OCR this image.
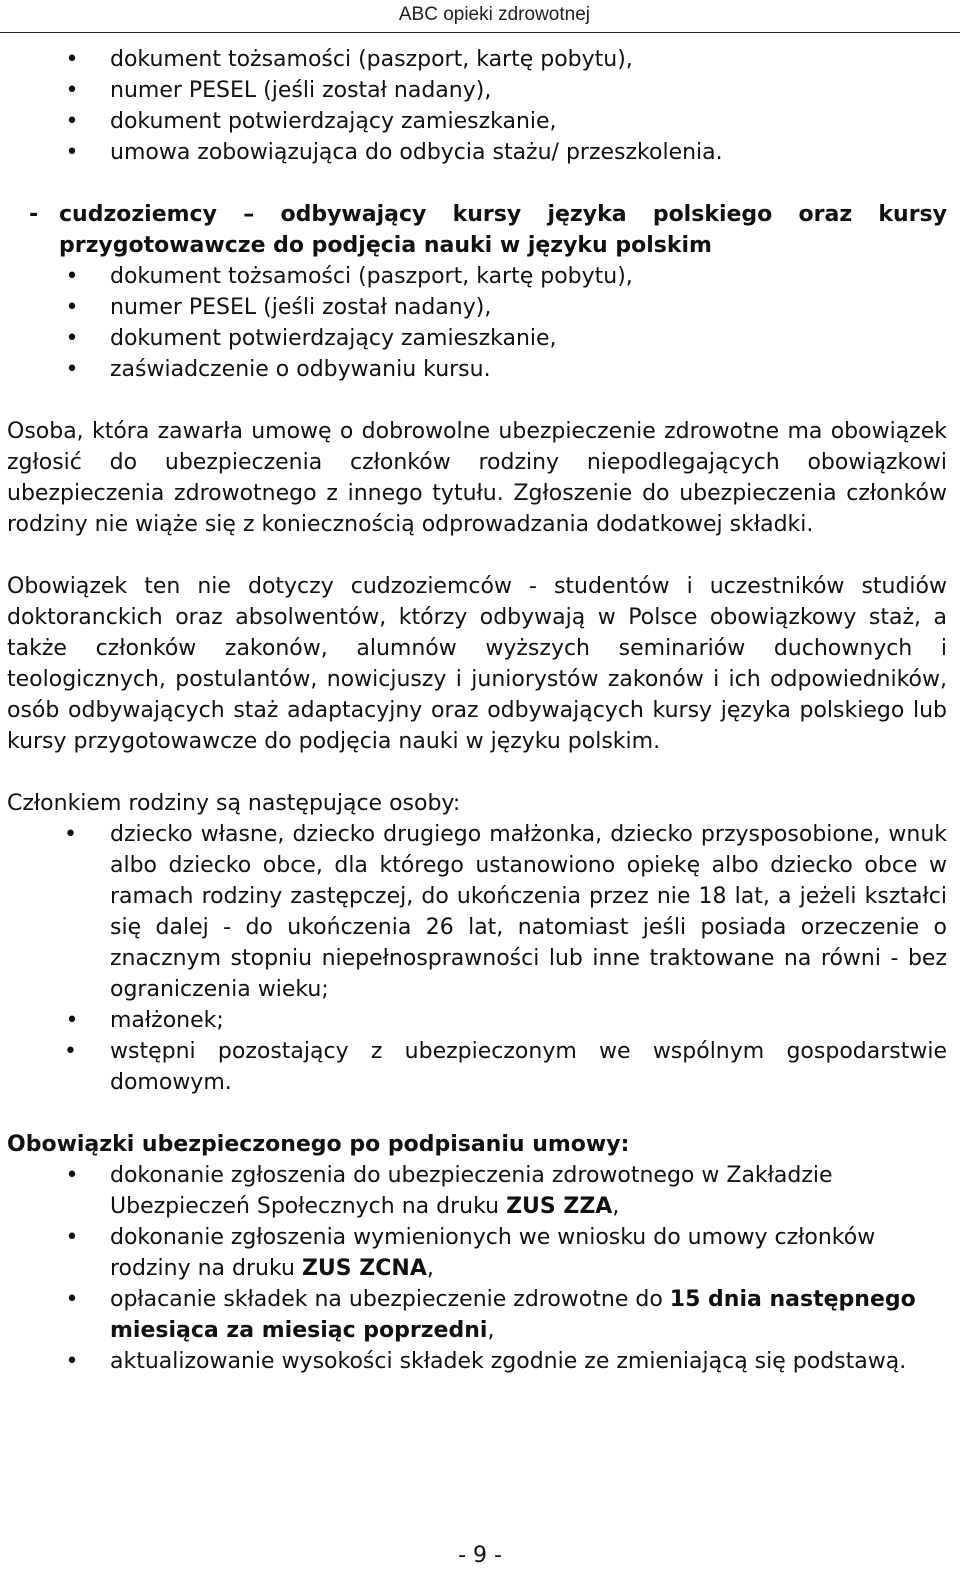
ABC opieki zdrowotnej
• dokument tożsamości (paszport, kartę pobytu),
• numer PESEL (jeśli został nadany),
• dokument potwierdzający zamieszkanie,
• umowa zobowiązująca do odbycia stażu/ przeszkolenia.
- cudzoziemcy – odbywający kursy języka polskiego oraz kursy przygotowawcze do podjęcia nauki w języku polskim
• dokument tożsamości (paszport, kartę pobytu),
• numer PESEL (jeśli został nadany),
• dokument potwierdzający zamieszkanie,
• zaświadczenie o odbywaniu kursu.

Osoba, która zawarła umowę o dobrowolne ubezpieczenie zdrowotne ma obowiązek zgłosić do ubezpieczenia członków rodziny niepodlegających obowiązkowi ubezpieczenia zdrowotnego z innego tytułu. Zgłoszenie do ubezpieczenia członków rodziny nie wiąże się z koniecznością odprowadzania dodatkowej składki.

Obowiązek ten nie dotyczy cudzoziemców - studentów i uczestników studiów doktoranckich oraz absolwentów, którzy odbywają w Polsce obowiązkowy staż, a także członków zakonów, alumnów wyższych seminariów duchownych i teologicznych, postulantów, nowicjuszy i juniorystów zakonów i ich odpowiedników, osób odbywających staż adaptacyjny oraz odbywających kursy języka polskiego lub kursy przygotowawcze do podjęcia nauki w języku polskim.

Członkiem rodziny są następujące osoby:

• dziecko własne, dziecko drugiego małżonka, dziecko przysposobione, wnuk albo dziecko obce, dla którego ustanowiono opiekę albo dziecko obce w ramach rodziny zastępczej, do ukończenia przez nie 18 lat, a jeżeli kształci się dalej - do ukończenia 26 lat, natomiast jeśli posiada orzeczenie o znacznym stopniu niepełnosprawności lub inne traktowane na równi - bez ograniczenia wieku;
• małżonek;
• wstępni pozostający z ubezpieczonym we wspólnym gospodarstwie domowym.

Obowiązki ubezpieczonego po podpisaniu umowy:

• dokonanie zgłoszenia do ubezpieczenia zdrowotnego w Zakładzie Ubezpieczeń Społecznych na druku ZUS ZZA,
• dokonanie zgłoszenia wymienionych we wniosku do umowy członków rodziny na druku ZUS ZCNA,
• opłacanie składek na ubezpieczenie zdrowotne do 15 dnia następnego miesiąca za miesiąc poprzedni,
• aktualizowanie wysokości składek zgodnie ze zmieniającą się podstawą.
- 9 -
